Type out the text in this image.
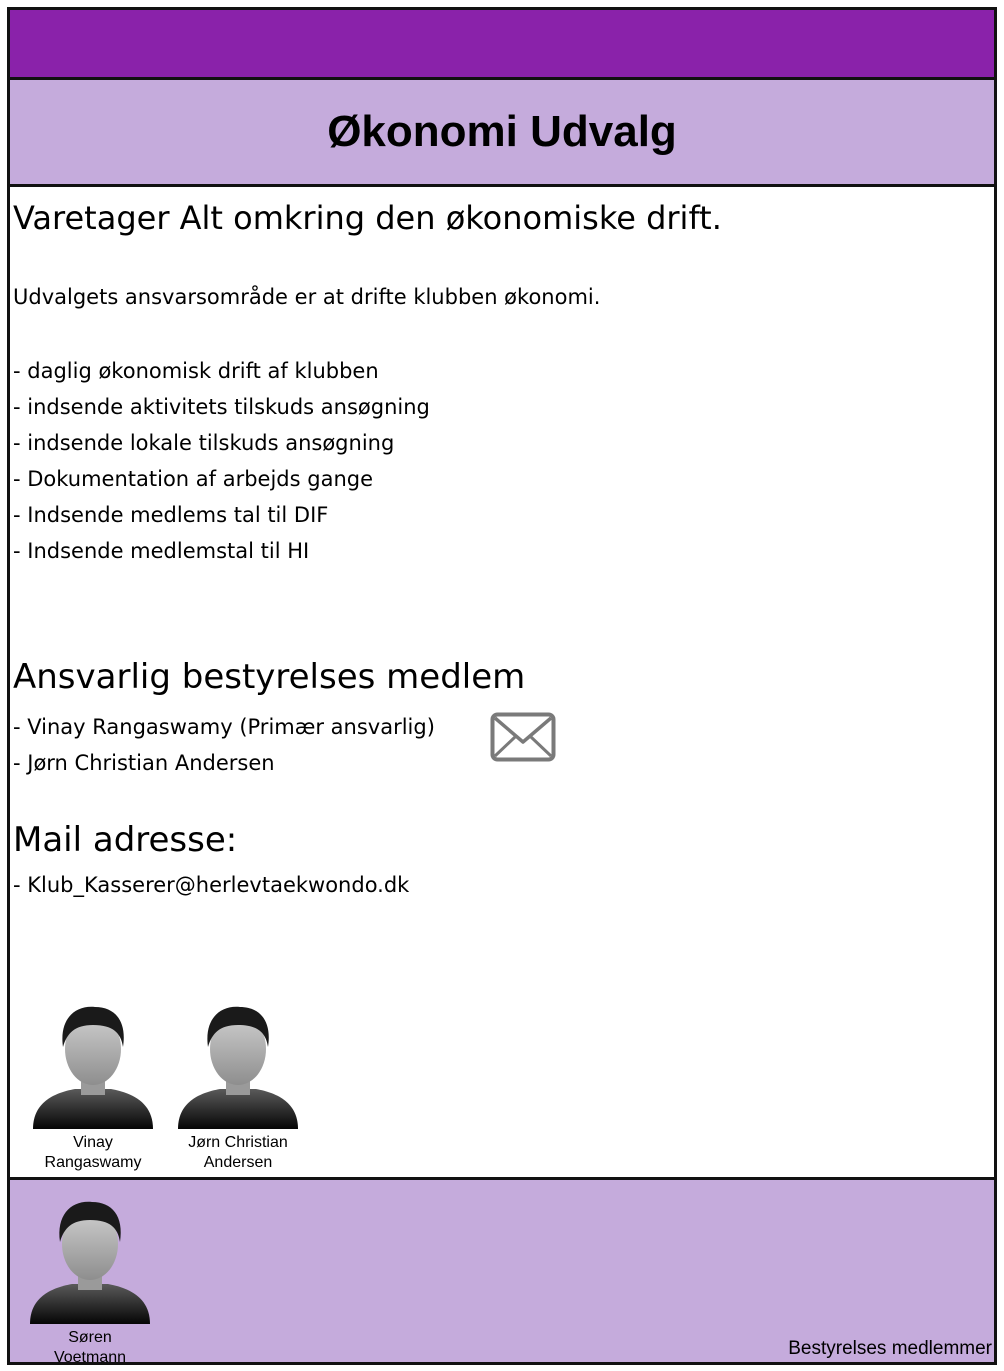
Økonomi Udvalg
Varetager Alt omkring den økonomiske drift.
Udvalgets ansvarsområde er at drifte klubben økonomi.
- daglig økonomisk drift af klubben
- indsende aktivitets tilskuds ansøgning
- indsende lokale tilskuds ansøgning
- Dokumentation af arbejds gange
- Indsende medlems tal til DIF
- Indsende medlemstal til HI
Ansvarlig bestyrelses medlem
- Vinay Rangaswamy (Primær ansvarlig)
- Jørn Christian Andersen
Mail adresse:
- Klub_Kasserer@herlevtaekwondo.dk
Vinay
Rangaswamy
Jørn Christian
Andersen
Søren
Voetmann	Bestyrelses medlemmer
